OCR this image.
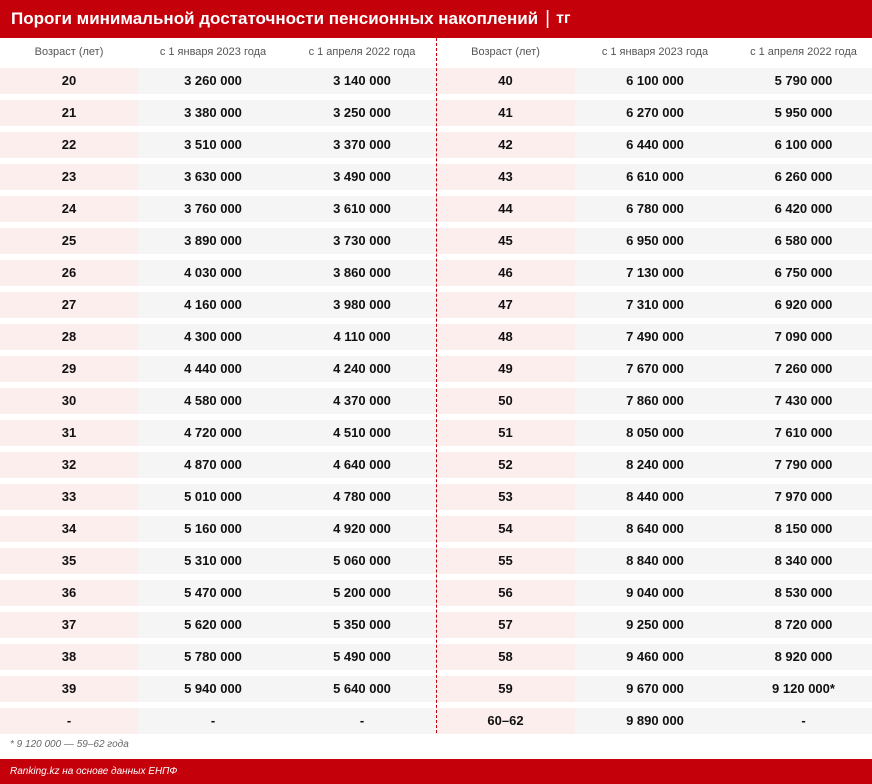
Пороги минимальной достаточности пенсионных накоплений | тг
Возраст (лет)	с 1 января 2023 года	с 1 апреля 2022 года	Возраст (лет)	с 1 января 2023 года	с 1 апреля 2022 года

20	3 260 000	3 140 000	40	6 100 000	5 790 000

21	3 380 000	3 250 000	41	6 270 000	5 950 000

22	3 510 000	3 370 000	42	6 440 000	6 100 000

23	3 630 000	3 490 000	43	6 610 000	6 260 000

24	3 760 000	3 610 000	44	6 780 000	6 420 000

25	3 890 000	3 730 000	45	6 950 000	6 580 000

26	4 030 000	3 860 000	46	7 130 000	6 750 000

27	4 160 000	3 980 000	47	7 310 000	6 920 000

28	4 300 000	4 110 000	48	7 490 000	7 090 000

29	4 440 000	4 240 000	49	7 670 000	7 260 000

30	4 580 000	4 370 000	50	7 860 000	7 430 000

31	4 720 000	4 510 000	51	8 050 000	7 610 000

32	4 870 000	4 640 000	52	8 240 000	7 790 000

33	5 010 000	4 780 000	53	8 440 000	7 970 000

34	5 160 000	4 920 000	54	8 640 000	8 150 000

35	5 310 000	5 060 000	55	8 840 000	8 340 000

36	5 470 000	5 200 000	56	9 040 000	8 530 000

37	5 620 000	5 350 000	57	9 250 000	8 720 000

38	5 780 000	5 490 000	58	9 460 000	8 920 000

39	5 940 000	5 640 000	59	9 670 000	9 120 000*

-	-	-	60–62	9 890 000	-
* 9 120 000 — 59–62 года
Ranking.kz на основе данных ЕНПФ
